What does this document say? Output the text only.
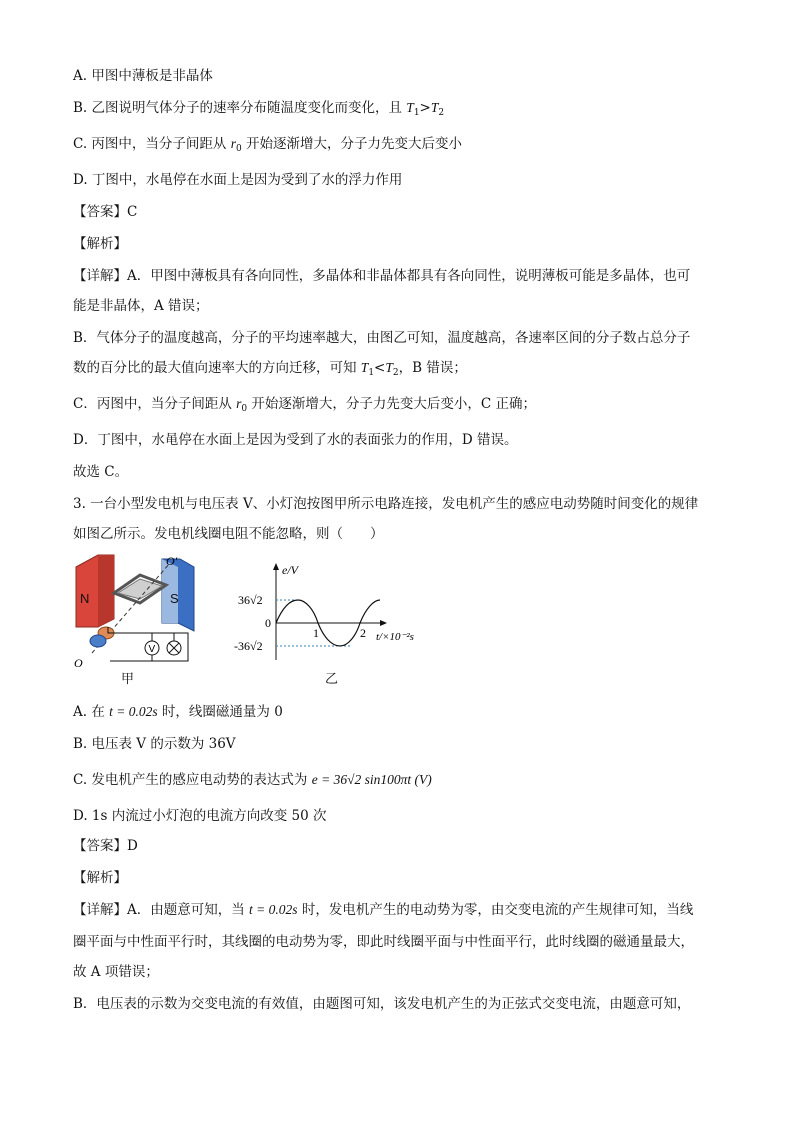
A. 甲图中薄板是非晶体
B. 乙图说明气体分子的速率分布随温度变化而变化，且 $T_1>T_2$
C. 丙图中，当分子间距从 $r_0$ 开始逐渐增大，分子力先变大后变小
D. 丁图中，水黾停在水面上是因为受到了水的浮力作用
【答案】C
【解析】
【详解】A．甲图中薄板具有各向同性，多晶体和非晶体都具有各向同性，说明薄板可能是多晶体，也可
能是非晶体，A 错误；
B．气体分子的温度越高，分子的平均速率越大，由图乙可知，温度越高，各速率区间的分子数占总分子
数的百分比的最大值向速率大的方向迁移，可知 $T_1<T_2$，B 错误；
C．丙图中，当分子间距从 $r_0$ 开始逐渐增大，分子力先变大后变小，C 正确；
D．丁图中，水黾停在水面上是因为受到了水的表面张力的作用，D 错误。
故选 C。
3. 一台小型发电机与电压表 V、小灯泡按图甲所示电路连接，发电机产生的感应电动势随时间变化的规律
如图乙所示。发电机线圈电阻不能忽略，则（　　）
N	S
O′
O
V
甲
e/V
t/×10⁻²s
36√2
0
-36√2
1	2
乙
A. 在 t = 0.02s 时，线圈磁通量为 0
B. 电压表 V 的示数为 36V
C. 发电机产生的感应电动势的表达式为 e = 36√2 sin100πt (V)
D. 1s 内流过小灯泡的电流方向改变 50 次
【答案】D
【解析】
【详解】A．由题意可知，当 t = 0.02s 时，发电机产生的电动势为零，由交变电流的产生规律可知，当线
圈平面与中性面平行时，其线圈的电动势为零，即此时线圈平面与中性面平行，此时线圈的磁通量最大，
故 A 项错误；
B．电压表的示数为交变电流的有效值，由题图可知，该发电机产生的为正弦式交变电流，由题意可知，
